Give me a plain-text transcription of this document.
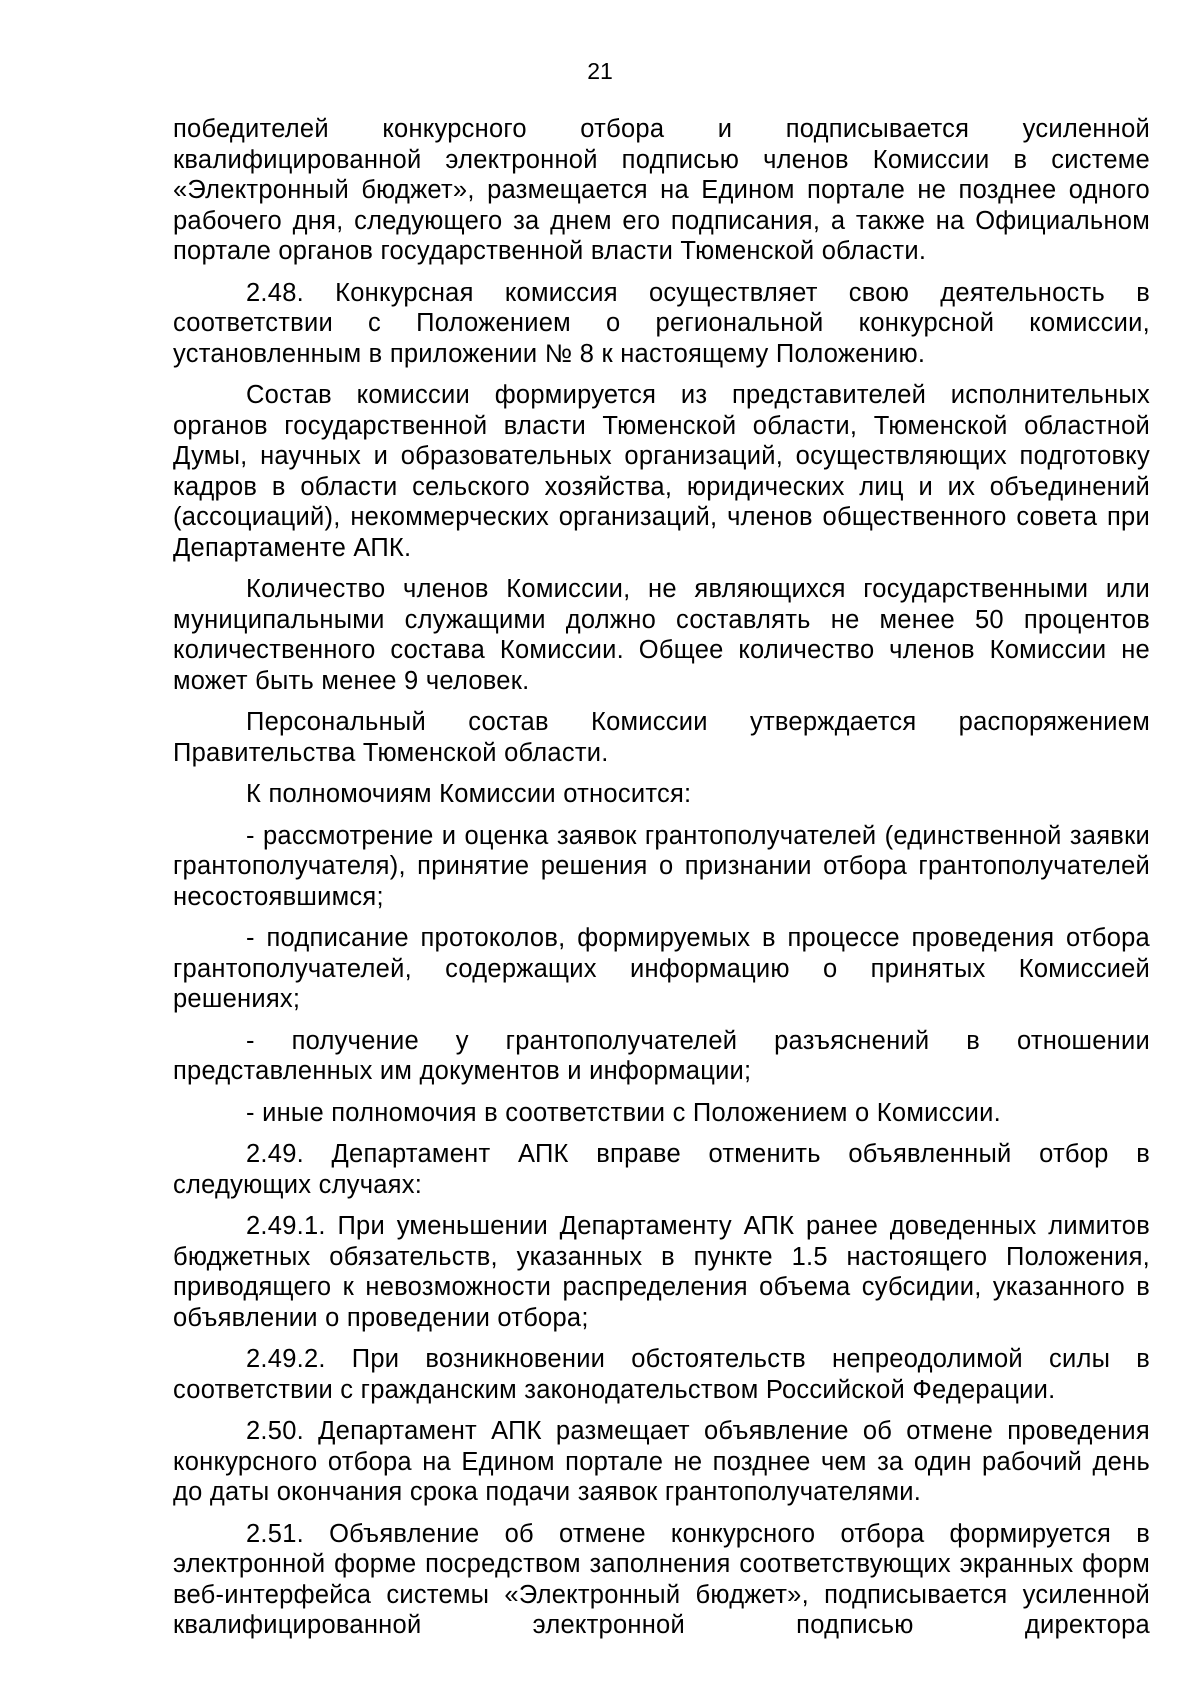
21

победителей конкурсного отбора и подписывается усиленной квалифицированной электронной подписью членов Комиссии в системе «Электронный бюджет», размещается на Едином портале не позднее одного рабочего дня, следующего за днем его подписания, а также на Официальном портале органов государственной власти Тюменской области.

2.48. Конкурсная комиссия осуществляет свою деятельность в соответствии с Положением о региональной конкурсной комиссии, установленным в приложении № 8 к настоящему Положению.

Состав комиссии формируется из представителей исполнительных органов государственной власти Тюменской области, Тюменской областной Думы, научных и образовательных организаций, осуществляющих подготовку кадров в области сельского хозяйства, юридических лиц и их объединений (ассоциаций), некоммерческих организаций, членов общественного совета при Департаменте АПК.

Количество членов Комиссии, не являющихся государственными или муниципальными служащими должно составлять не менее 50 процентов количественного состава Комиссии. Общее количество членов Комиссии не может быть менее 9 человек.

Персональный состав Комиссии утверждается распоряжением Правительства Тюменской области.

К полномочиям Комиссии относится:

- рассмотрение и оценка заявок грантополучателей (единственной заявки грантополучателя), принятие решения о признании отбора грантополучателей несостоявшимся;

- подписание протоколов, формируемых в процессе проведения отбора грантополучателей, содержащих информацию о принятых Комиссией решениях;

- получение у грантополучателей разъяснений в отношении представленных им документов и информации;

- иные полномочия в соответствии с Положением о Комиссии.

2.49. Департамент АПК вправе отменить объявленный отбор в следующих случаях:

2.49.1. При уменьшении Департаменту АПК ранее доведенных лимитов бюджетных обязательств, указанных в пункте 1.5 настоящего Положения, приводящего к невозможности распределения объема субсидии, указанного в объявлении о проведении отбора;

2.49.2. При возникновении обстоятельств непреодолимой силы в соответствии с гражданским законодательством Российской Федерации.

2.50. Департамент АПК размещает объявление об отмене проведения конкурсного отбора на Едином портале не позднее чем за один рабочий день до даты окончания срока подачи заявок грантополучателями.

2.51. Объявление об отмене конкурсного отбора формируется в электронной форме посредством заполнения соответствующих экранных форм веб-интерфейса системы «Электронный бюджет», подписывается усиленной квалифицированной электронной подписью директора
